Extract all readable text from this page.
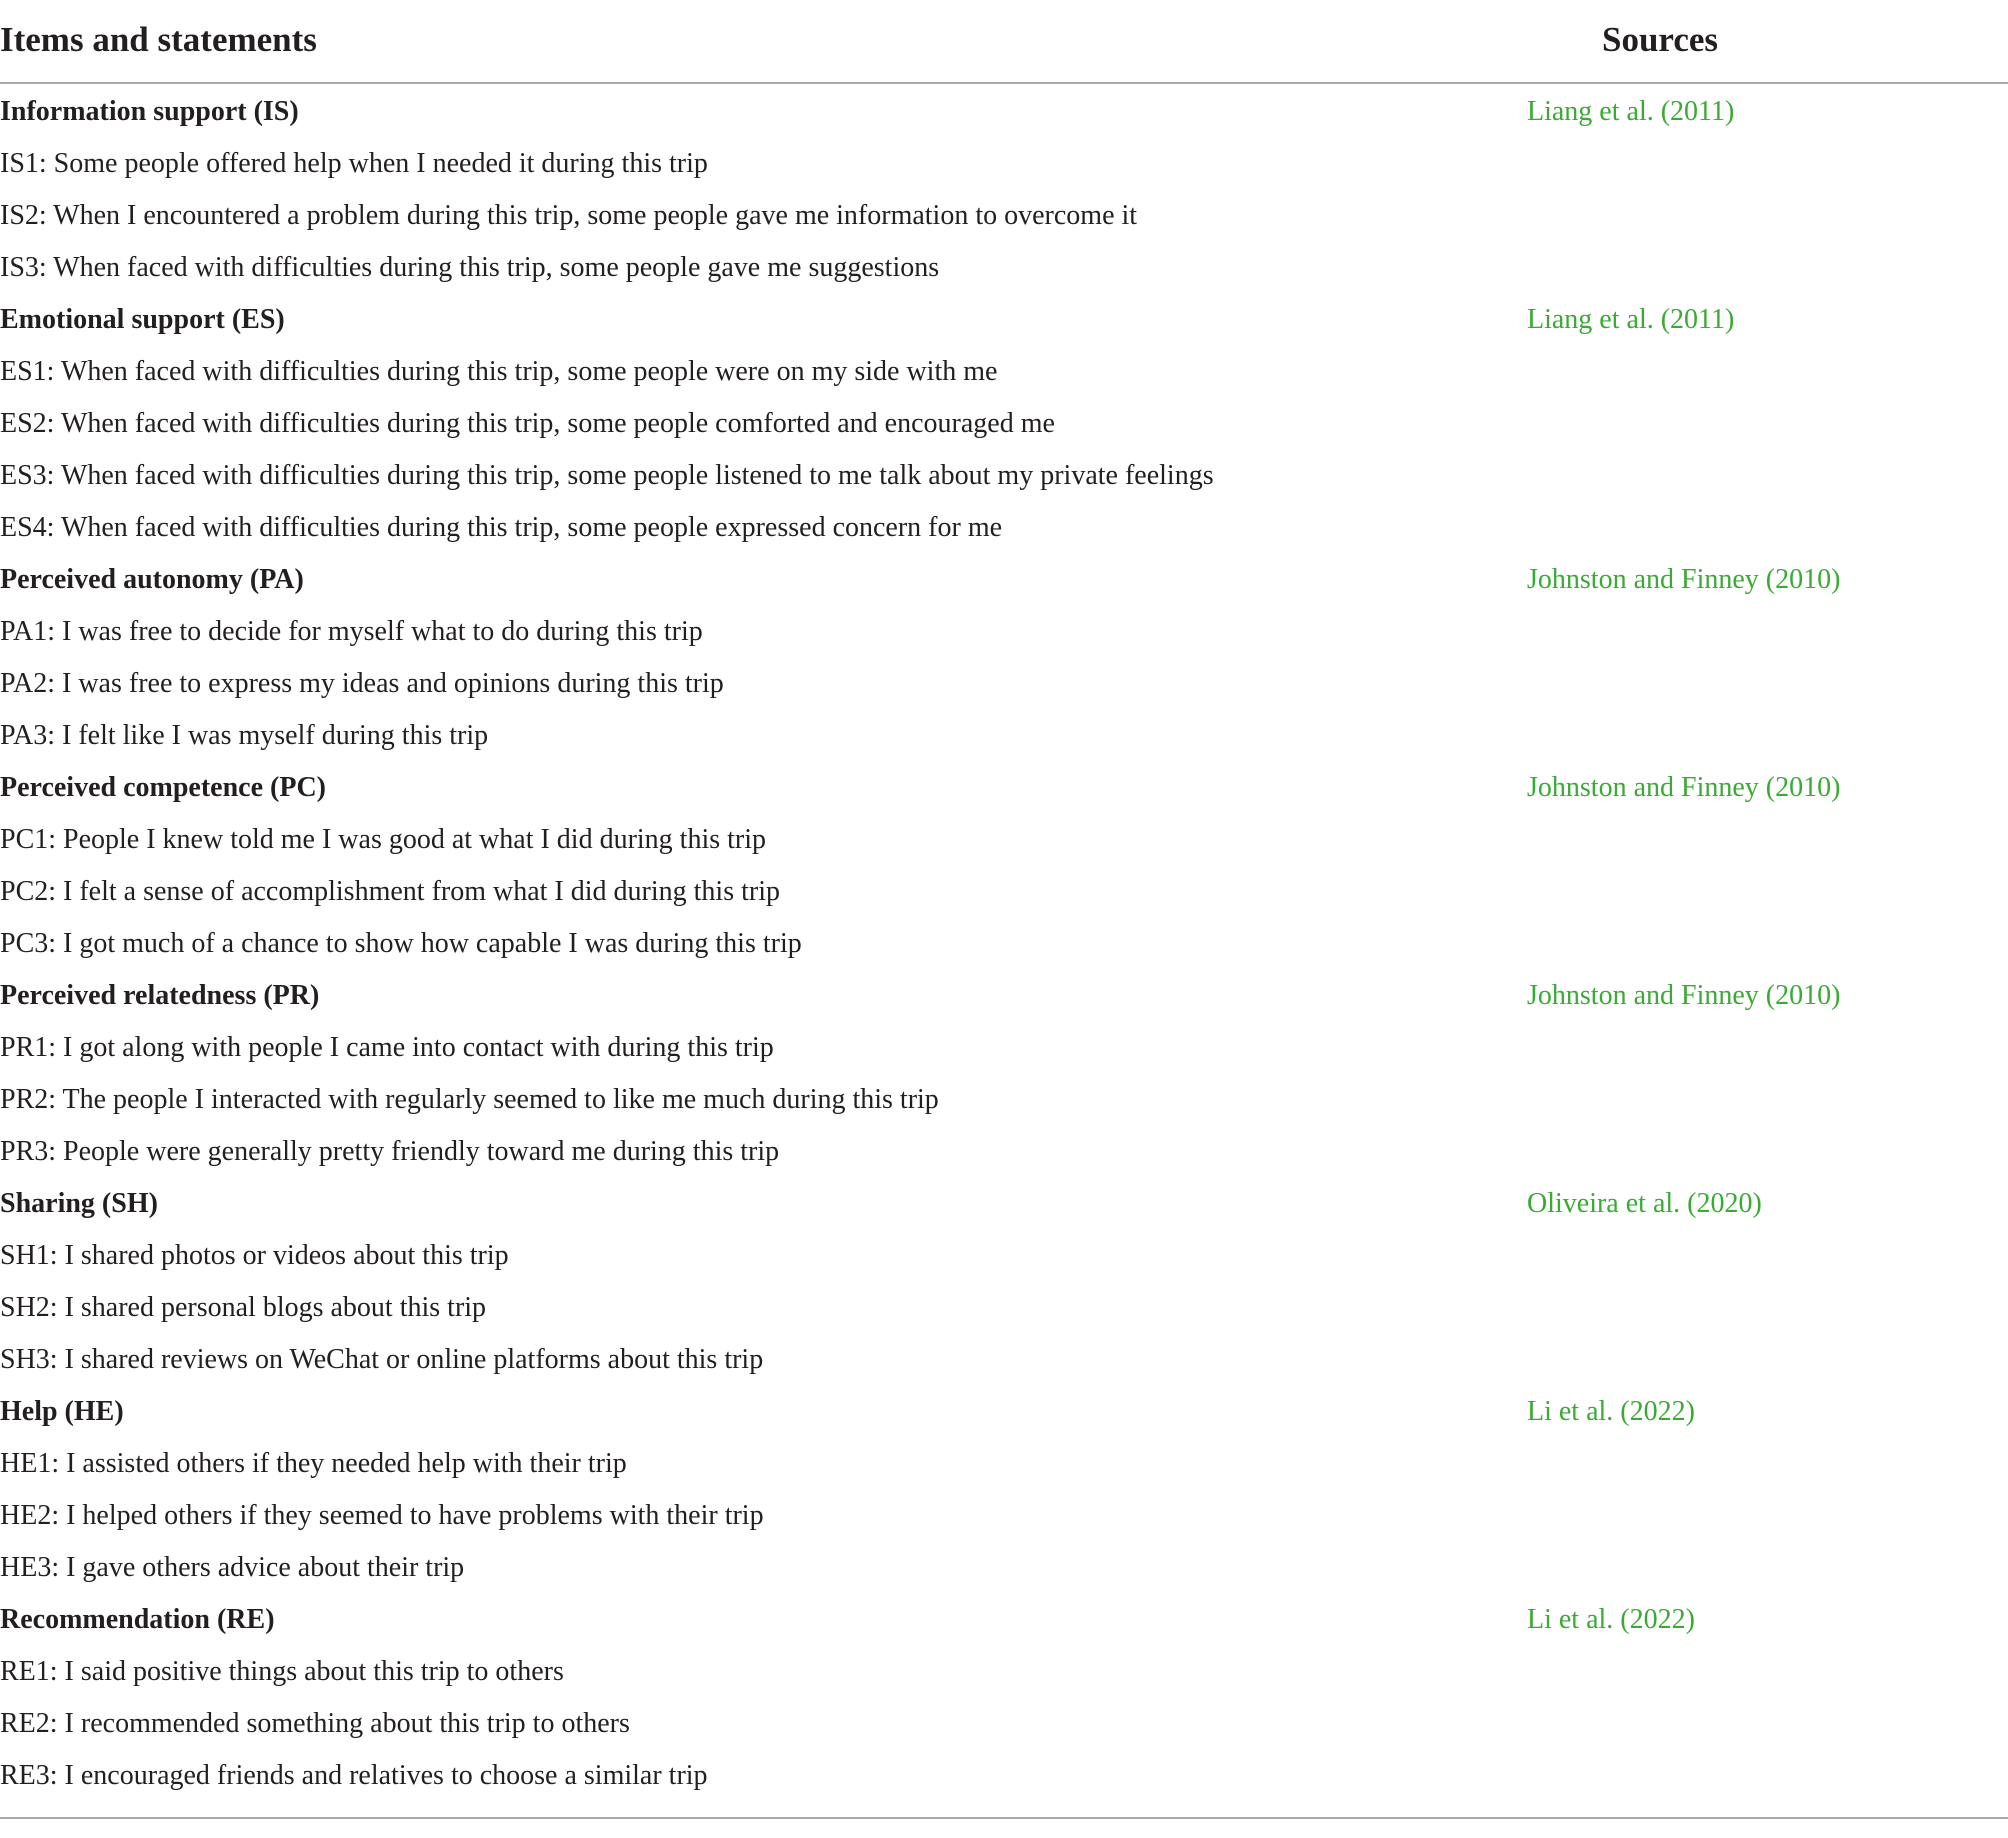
Items and statements	Sources
Information support (IS)	Liang et al. (2011)
IS1: Some people offered help when I needed it during this trip
IS2: When I encountered a problem during this trip, some people gave me information to overcome it
IS3: When faced with difficulties during this trip, some people gave me suggestions
Emotional support (ES)	Liang et al. (2011)
ES1: When faced with difficulties during this trip, some people were on my side with me
ES2: When faced with difficulties during this trip, some people comforted and encouraged me
ES3: When faced with difficulties during this trip, some people listened to me talk about my private feelings
ES4: When faced with difficulties during this trip, some people expressed concern for me
Perceived autonomy (PA)	Johnston and Finney (2010)
PA1: I was free to decide for myself what to do during this trip
PA2: I was free to express my ideas and opinions during this trip
PA3: I felt like I was myself during this trip
Perceived competence (PC)	Johnston and Finney (2010)
PC1: People I knew told me I was good at what I did during this trip
PC2: I felt a sense of accomplishment from what I did during this trip
PC3: I got much of a chance to show how capable I was during this trip
Perceived relatedness (PR)	Johnston and Finney (2010)
PR1: I got along with people I came into contact with during this trip
PR2: The people I interacted with regularly seemed to like me much during this trip
PR3: People were generally pretty friendly toward me during this trip
Sharing (SH)	Oliveira et al. (2020)
SH1: I shared photos or videos about this trip
SH2: I shared personal blogs about this trip
SH3: I shared reviews on WeChat or online platforms about this trip
Help (HE)	Li et al. (2022)
HE1: I assisted others if they needed help with their trip
HE2: I helped others if they seemed to have problems with their trip
HE3: I gave others advice about their trip
Recommendation (RE)	Li et al. (2022)
RE1: I said positive things about this trip to others
RE2: I recommended something about this trip to others
RE3: I encouraged friends and relatives to choose a similar trip
